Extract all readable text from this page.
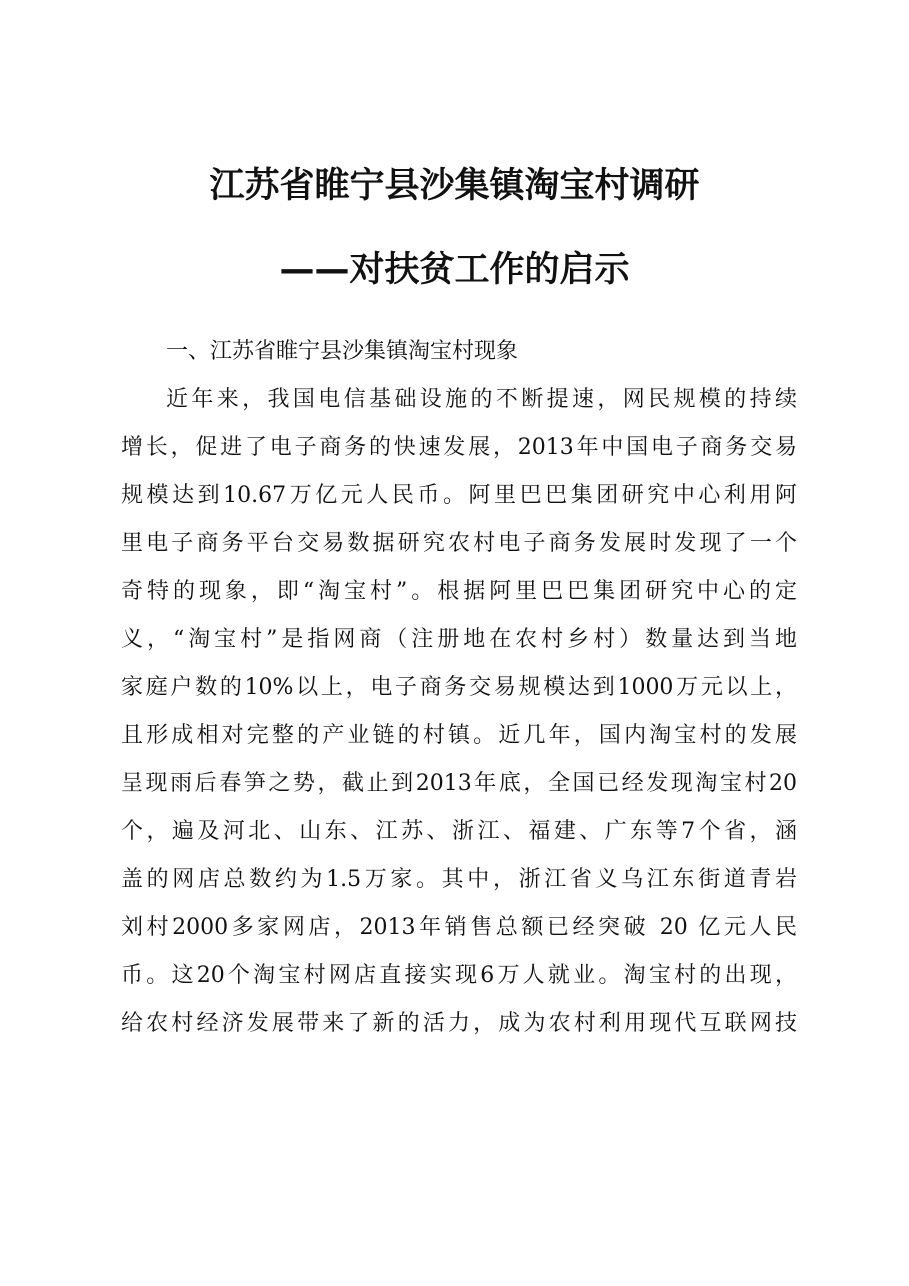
江苏省睢宁县沙集镇淘宝村调研
——对扶贫工作的启示
一、江苏省睢宁县沙集镇淘宝村现象
近年来，我国电信基础设施的不断提速，网民规模的持续
增长，促进了电子商务的快速发展，2013年中国电子商务交易
规模达到10.67万亿元人民币。阿里巴巴集团研究中心利用阿
里电子商务平台交易数据研究农村电子商务发展时发现了一个
奇特的现象，即“淘宝村”。根据阿里巴巴集团研究中心的定
义，“淘宝村”是指网商（注册地在农村乡村）数量达到当地
家庭户数的10%以上，电子商务交易规模达到1000万元以上，
且形成相对完整的产业链的村镇。近几年，国内淘宝村的发展
呈现雨后春笋之势，截止到2013年底，全国已经发现淘宝村20
个，遍及河北、山东、江苏、浙江、福建、广东等7个省，涵
盖的网店总数约为1.5万家。其中，浙江省义乌江东街道青岩
刘村2000多家网店，2013年销售总额已经突破 20 亿元人民
币。这20个淘宝村网店直接实现6万人就业。淘宝村的出现，
给农村经济发展带来了新的活力，成为农村利用现代互联网技
